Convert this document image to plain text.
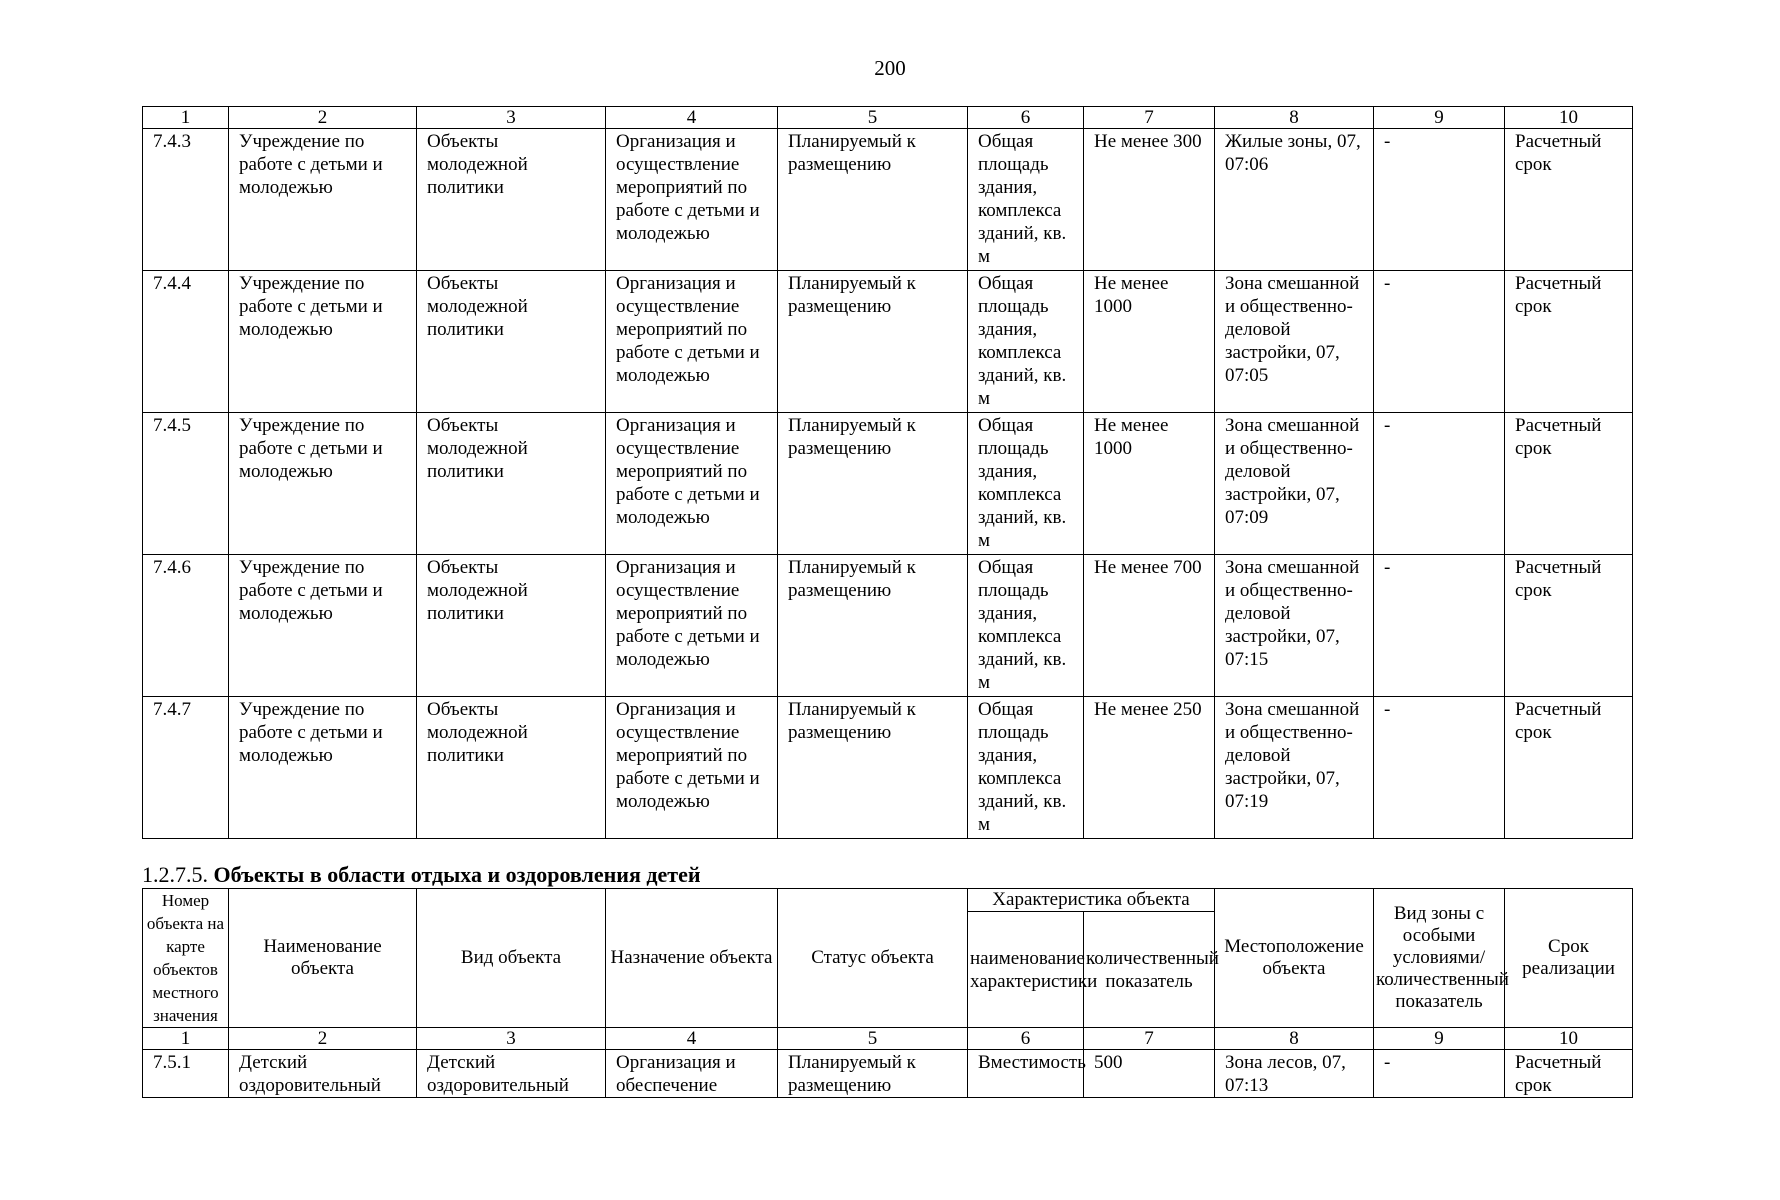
200
1	2	3	4	5	6	7	8	9	10
7.4.3	Учреждение по работе с детьми и молодежью	Объекты молодежной политики	Организация и осуществление мероприятий по работе с детьми и молодежью	Планируемый к размещению	Общая площадь здания, комплекса зданий, кв. м	Не менее 300	Жилые зоны, 07, 07:06	-	Расчетный срок
7.4.4	Учреждение по работе с детьми и молодежью	Объекты молодежной политики	Организация и осуществление мероприятий по работе с детьми и молодежью	Планируемый к размещению	Общая площадь здания, комплекса зданий, кв. м	Не менее 1000	Зона смешанной и общественно-деловой застройки, 07, 07:05	-	Расчетный срок
7.4.5	Учреждение по работе с детьми и молодежью	Объекты молодежной политики	Организация и осуществление мероприятий по работе с детьми и молодежью	Планируемый к размещению	Общая площадь здания, комплекса зданий, кв. м	Не менее 1000	Зона смешанной и общественно-деловой застройки, 07, 07:09	-	Расчетный срок
7.4.6	Учреждение по работе с детьми и молодежью	Объекты молодежной политики	Организация и осуществление мероприятий по работе с детьми и молодежью	Планируемый к размещению	Общая площадь здания, комплекса зданий, кв. м	Не менее 700	Зона смешанной и общественно-деловой застройки, 07, 07:15	-	Расчетный срок
7.4.7	Учреждение по работе с детьми и молодежью	Объекты молодежной политики	Организация и осуществление мероприятий по работе с детьми и молодежью	Планируемый к размещению	Общая площадь здания, комплекса зданий, кв. м	Не менее 250	Зона смешанной и общественно-деловой застройки, 07, 07:19	-	Расчетный срок
1.2.7.5. Объекты в области отдыха и оздоровления детей
Номер объекта на карте объектов местного значения	Наименование объекта	Вид объекта	Назначение объекта	Статус объекта	Характеристика объекта		Местоположение объекта	Вид зоны с особыми условиями/ количественный показатель	Срок реализации
					наименование характеристики	количественный показатель			
1	2	3	4	5	6	7	8	9	10
7.5.1	Детский оздоровительный	Детский оздоровительный	Организация и обеспечение	Планируемый к размещению	Вместимость	500	Зона лесов, 07, 07:13	-	Расчетный срок
